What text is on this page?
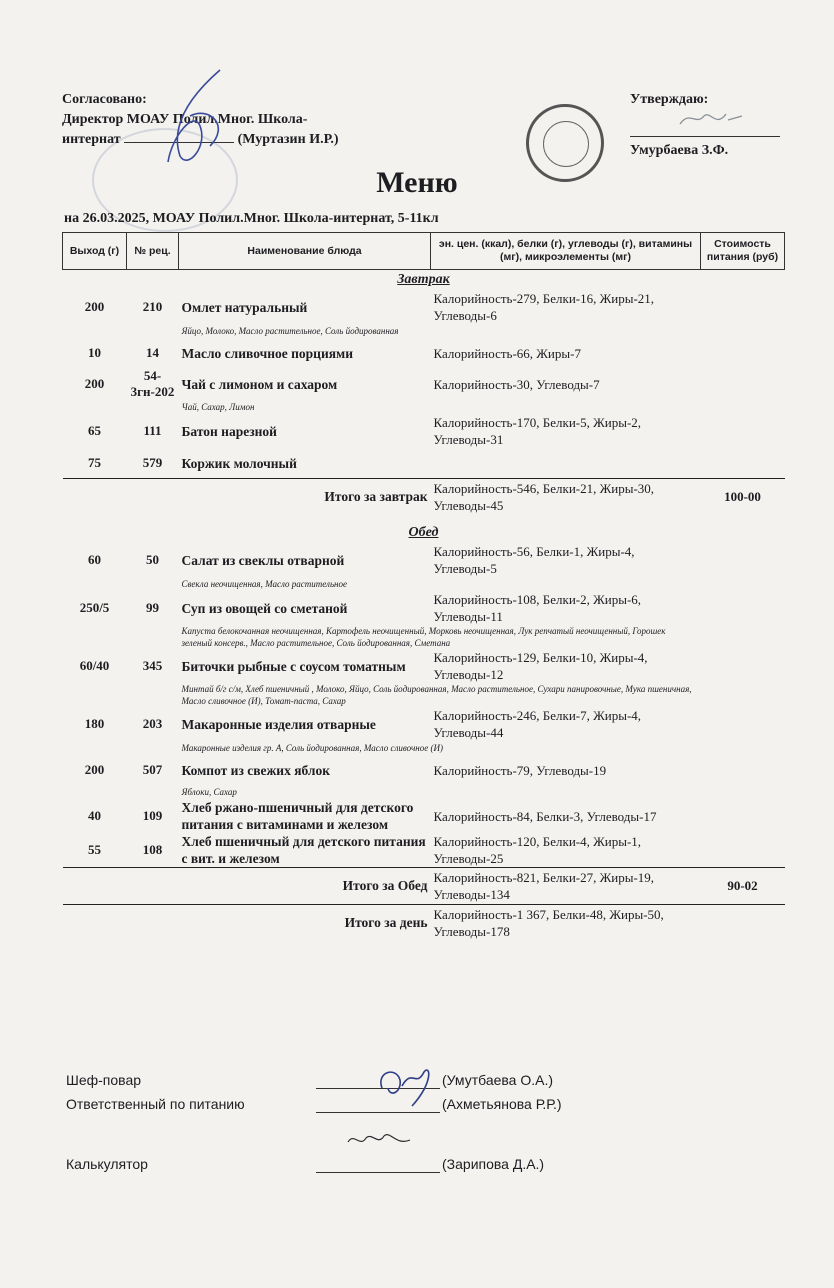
Согласовано:
Директор МОАУ Полил.Мног. Школа-
интернат	(Муртазин И.Р.)
Утверждаю:
Умурбаева З.Ф.
Меню
на 26.03.2025, МОАУ Полил.Мног. Школа-интернат, 5-11кл
Выход (г)	№ рец.	Наименование блюда	эн. цен. (ккал), белки (г), углеводы (г), витамины (мг), микроэлементы (мг)	Стоимость питания (руб)
Завтрак				
200	210	Омлет натуральный	Калорийность-279, Белки-16, Жиры-21, Углеводы-6	
		Яйцо, Молоко, Масло растительное, Соль йодированная		
10	14	Масло сливочное порциями	Калорийность-66, Жиры-7	
200	54-3гн-202	Чай с лимоном и сахаром	Калорийность-30, Углеводы-7	
		Чай, Сахар, Лимон		
65	111	Батон нарезной	Калорийность-170, Белки-5, Жиры-2, Углеводы-31	
75	579	Коржик молочный		
Итого за завтрак			Калорийность-546, Белки-21, Жиры-30, Углеводы-45	100-00

Обед				
60	50	Салат из свеклы отварной	Калорийность-56, Белки-1, Жиры-4, Углеводы-5	
		Свекла неочищенная, Масло растительное		
250/5	99	Суп из овощей со сметаной	Калорийность-108, Белки-2, Жиры-6, Углеводы-11	
		Капуста белокочанная неочищенная, Картофель неочищенный, Морковь неочищенная, Лук репчатый неочищенный, Горошек зеленый консерв., Масло растительное, Соль йодированная, Сметана		
60/40	345	Биточки рыбные с соусом томатным	Калорийность-129, Белки-10, Жиры-4, Углеводы-12	
		Минтай б/г с/м, Хлеб пшеничный , Молоко, Яйцо, Соль йодированная, Масло растительное, Сухари панировочные, Мука пшеничная, Масло сливочное (И), Томат-паста, Сахар		
180	203	Макаронные изделия отварные	Калорийность-246, Белки-7, Жиры-4, Углеводы-44	
		Макаронные изделия гр. А, Соль йодированная, Масло сливочное (И)		
200	507	Компот из свежих яблок	Калорийность-79, Углеводы-19	
		Яблоки, Сахар		
40	109	Хлеб ржано-пшеничный для детского питания с витаминами и железом	Калорийность-84, Белки-3, Углеводы-17	
55	108	Хлеб пшеничный для детского питания с вит. и железом	Калорийность-120, Белки-4, Жиры-1, Углеводы-25	
Итого за Обед			Калорийность-821, Белки-27, Жиры-19, Углеводы-134	90-02
Итого за день			Калорийность-1 367, Белки-48, Жиры-50, Углеводы-178	
Шеф-повар	(Умутбаева О.А.)
Ответственный по питанию	(Ахметьянова Р.Р.)
Калькулятор	(Зарипова Д.А.)
